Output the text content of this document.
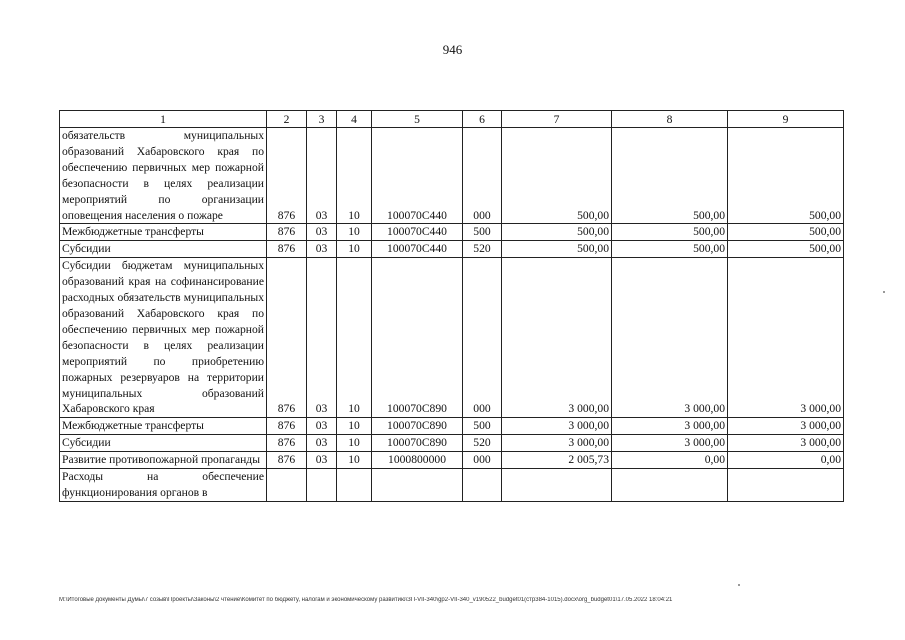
946
1	2	3	4	5	6	7	8	9
обязательств муниципальных образований Хабаровского края по обеспечению первичных мер пожарной безопасности в целях реализации мероприятий по организации оповещения населения о пожаре	876	03	10	100070С440	000	500,00	500,00	500,00
Межбюджетные трансферты	876	03	10	100070С440	500	500,00	500,00	500,00
Субсидии	876	03	10	100070С440	520	500,00	500,00	500,00
Субсидии бюджетам муниципальных образований края на софинансирование расходных обязательств муниципальных образований Хабаровского края по обеспечению первичных мер пожарной безопасности в целях реализации мероприятий по приобретению пожарных резервуаров на территории муниципальных образований Хабаровского края	876	03	10	100070С890	000	3 000,00	3 000,00	3 000,00
Межбюджетные трансферты	876	03	10	100070С890	500	3 000,00	3 000,00	3 000,00
Субсидии	876	03	10	100070С890	520	3 000,00	3 000,00	3 000,00
Развитие противопожарной пропаганды	876	03	10	1000800000	000	2 005,73	0,00	0,00
Расходы на обеспечение функционирования органов в								
M:\Итоговые документы Думы\7 созыв\Проекты\Законы\2 чтение\Комитет по бюджету, налогам и экономическому развитию\ЗП-VII-340\gp2-VII-340_v190522_budget01(стр384-1015).docx\org_budget01\17.05.2022 18:04:21
